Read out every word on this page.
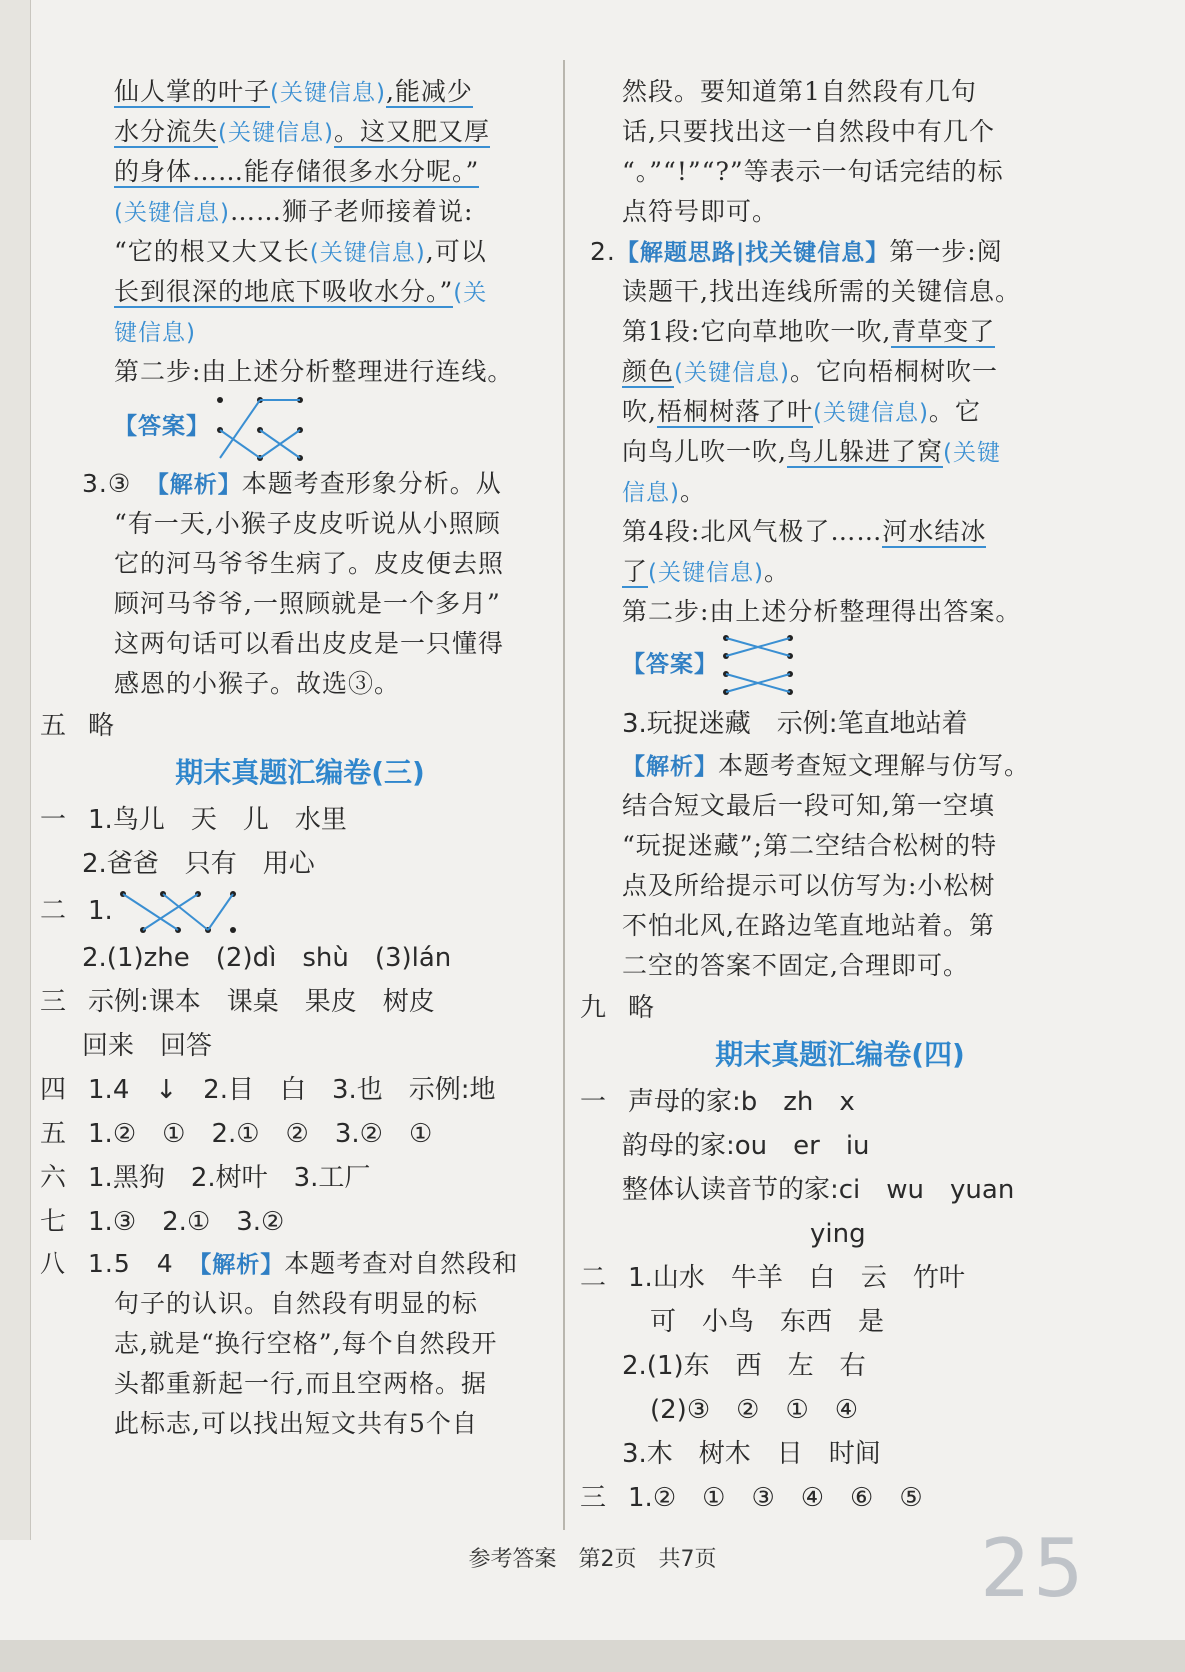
仙人掌的叶子(关键信息),能减少
水分流失(关键信息)。这又肥又厚
的身体……能存储很多水分呢。”
(关键信息)……狮子老师接着说:
“它的根又大又长(关键信息),可以
长到很深的地底下吸收水分。”(关
键信息)
第二步:由上述分析整理进行连线。
【答案】
3.③　 【解析】本题考查形象分析。从
“有一天,小猴子皮皮听说从小照顾
它的河马爷爷生病了。皮皮便去照
顾河马爷爷,一照顾就是一个多月”
这两句话可以看出皮皮是一只懂得
感恩的小猴子。故选③。
五 略
期末真题汇编卷(三)
一 1.鸟儿　天　儿　水里
2.爸爸　只有　用心
二 1.
2.(1)zhe　(2)dì　shù　(3)lán
三 示例:课本　课桌　果皮　树皮
回来　回答
四 1.4　↓　2.目　白　3.也　示例:地
五 1.②　①　2.①　②　3.②　①
六 1.黑狗　2.树叶　3.工厂
七 1.③　2.①　3.②
八 1.5　4　 【解析】本题考查对自然段和
句子的认识。自然段有明显的标
志,就是“换行空格”,每个自然段开
头都重新起一行,而且空两格。据
此标志,可以找出短文共有5个自
然段。要知道第1自然段有几句
话,只要找出这一自然段中有几个
“。”“!”“?”等表示一句话完结的标
点符号即可。
2.【解题思路|找关键信息】第一步:阅
读题干,找出连线所需的关键信息。
第1段:它向草地吹一吹,青草变了
颜色(关键信息)。它向梧桐树吹一
吹,梧桐树落了叶(关键信息)。它
向鸟儿吹一吹,鸟儿躲进了窝(关键
信息)。
第4段:北风气极了……河水结冰
了(关键信息)。
第二步:由上述分析整理得出答案。
【答案】
3.玩捉迷藏　示例:笔直地站着
【解析】本题考查短文理解与仿写。
结合短文最后一段可知,第一空填
“玩捉迷藏”;第二空结合松树的特
点及所给提示可以仿写为:小松树
不怕北风,在路边笔直地站着。第
二空的答案不固定,合理即可。
九 略
期末真题汇编卷(四)
一 声母的家:b　zh　x
韵母的家:ou　er　iu
整体认读音节的家:ci　wu　yuan
ying
二 1.山水　牛羊　白　云　竹叶
可　小鸟　东西　是
2.(1)东　西　左　右
(2)③　②　①　④
3.木　树木　日　时间
三 1.②　①　③　④　⑥　⑤
参考答案　第2页　共7页	25
